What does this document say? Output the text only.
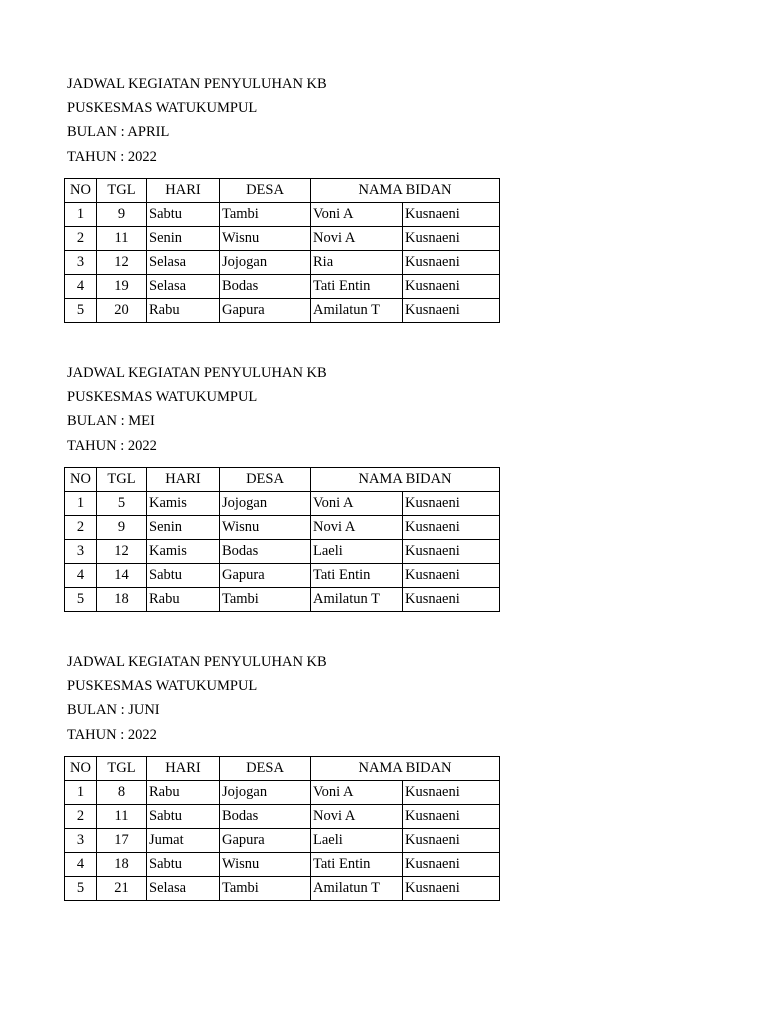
JADWAL KEGIATAN PENYULUHAN KB
PUSKESMAS WATUKUMPUL
BULAN : APRIL
TAHUN : 2022
NO	TGL	HARI	DESA	NAMA BIDAN	
1	9	Sabtu	Tambi	Voni A	Kusnaeni
2	11	Senin	Wisnu	Novi A	Kusnaeni
3	12	Selasa	Jojogan	Ria	Kusnaeni
4	19	Selasa	Bodas	Tati Entin	Kusnaeni
5	20	Rabu	Gapura	Amilatun T	Kusnaeni
JADWAL KEGIATAN PENYULUHAN KB
PUSKESMAS WATUKUMPUL
BULAN : MEI
TAHUN : 2022
NO	TGL	HARI	DESA	NAMA BIDAN	
1	5	Kamis	Jojogan	Voni A	Kusnaeni
2	9	Senin	Wisnu	Novi A	Kusnaeni
3	12	Kamis	Bodas	Laeli	Kusnaeni
4	14	Sabtu	Gapura	Tati Entin	Kusnaeni
5	18	Rabu	Tambi	Amilatun T	Kusnaeni
JADWAL KEGIATAN PENYULUHAN KB
PUSKESMAS WATUKUMPUL
BULAN : JUNI
TAHUN : 2022
NO	TGL	HARI	DESA	NAMA BIDAN	
1	8	Rabu	Jojogan	Voni A	Kusnaeni
2	11	Sabtu	Bodas	Novi A	Kusnaeni
3	17	Jumat	Gapura	Laeli	Kusnaeni
4	18	Sabtu	Wisnu	Tati Entin	Kusnaeni
5	21	Selasa	Tambi	Amilatun T	Kusnaeni
